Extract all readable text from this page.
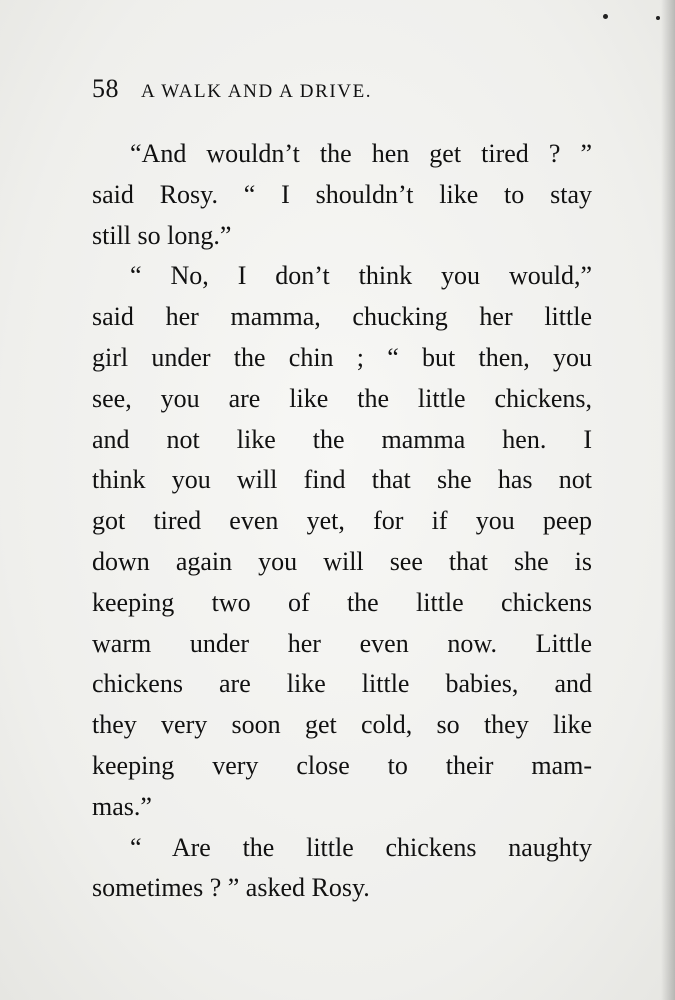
58 A WALK AND A DRIVE.
“And wouldn’t the hen get tired ? ”
said Rosy. “ I shouldn’t like to stay
still so long.”
“ No, I don’t think you would,”
said her mamma, chucking her little
girl under the chin ; “ but then, you
see, you are like the little chickens,
and not like the mamma hen. I
think you will find that she has not
got tired even yet, for if you peep
down again you will see that she is
keeping two of the little chickens
warm under her even now. Little
chickens are like little babies, and
they very soon get cold, so they like
keeping very close to their mam-
mas.”
“ Are the little chickens naughty
sometimes ? ” asked Rosy.
